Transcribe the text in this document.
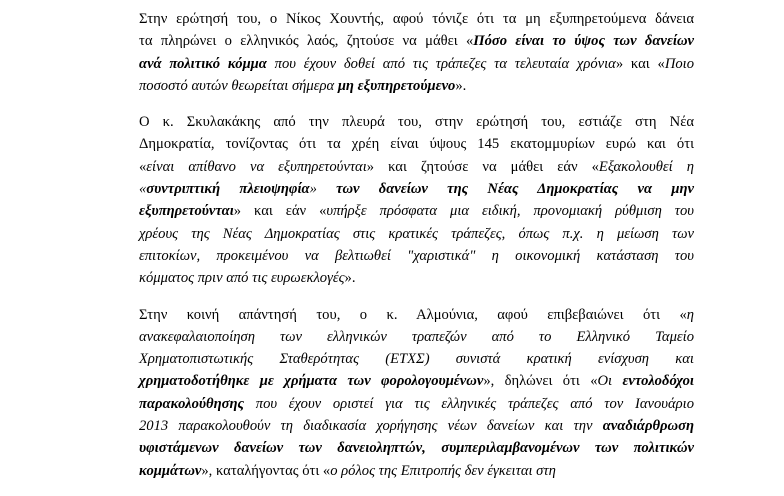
Στην ερώτησή του, ο Νίκος Χουντής, αφού τόνιζε ότι τα μη εξυπηρετούμενα δάνεια
τα πληρώνει ο ελληνικός λαός, ζητούσε να μάθει «Πόσο είναι το ύψος των δανείων
ανά πολιτικό κόμμα που έχουν δοθεί από τις τράπεζες τα τελευταία χρόνια» και «Ποιο
ποσοστό αυτών θεωρείται σήμερα μη εξυπηρετούμενο».

Ο κ. Σκυλακάκης από την πλευρά του, στην ερώτησή του, εστιάζε στη Νέα
Δημοκρατία, τονίζοντας ότι τα χρέη είναι ύψους 145 εκατομμυρίων ευρώ και ότι
«είναι απίθανο να εξυπηρετούνται» και ζητούσε να μάθει εάν «Εξακολουθεί η
«συντριπτική πλειοψηφία» των δανείων της Νέας Δημοκρατίας να μην
εξυπηρετούνται» και εάν «υπήρξε πρόσφατα μια ειδική, προνομιακή ρύθμιση του
χρέους της Νέας Δημοκρατίας στις κρατικές τράπεζες, όπως π.χ. η μείωση των
επιτοκίων, προκειμένου να βελτιωθεί "χαριστικά" η οικονομική κατάσταση του
κόμματος πριν από τις ευρωεκλογές».

Στην κοινή απάντησή του, ο κ. Αλμούνια, αφού επιβεβαιώνει ότι «η
ανακεφαλαιοποίηση των ελληνικών τραπεζών από το Ελληνικό Ταμείο
Χρηματοπιστωτικής Σταθερότητας (ΕΤΧΣ) συνιστά κρατική ενίσχυση και
χρηματοδοτήθηκε με χρήματα των φορολογουμένων», δηλώνει ότι «Οι εντολοδόχοι
παρακολούθησης που έχουν οριστεί για τις ελληνικές τράπεζες από τον Ιανουάριο
2013 παρακολουθούν τη διαδικασία χορήγησης νέων δανείων και την αναδιάρθρωση
υφιστάμενων δανείων των δανειοληπτών, συμπεριλαμβανομένων των πολιτικών
κομμάτων», καταλήγοντας ότι «ο ρόλος της Επιτροπής δεν έγκειται στη
